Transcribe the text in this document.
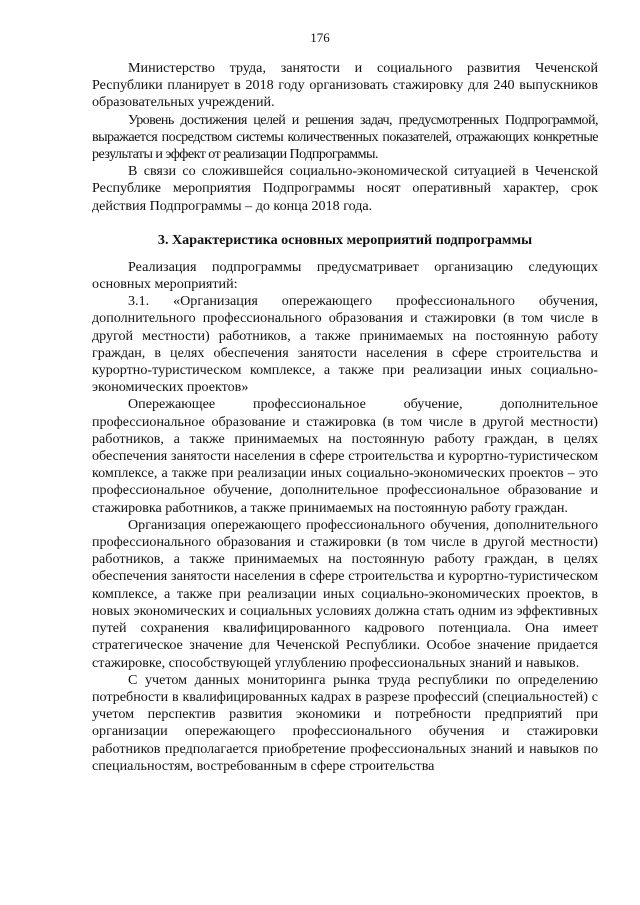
176

Министерство труда, занятости и социального развития Чеченской Республики планирует в 2018 году организовать стажировку для 240 выпускников образовательных учреждений.

Уровень достижения целей и решения задач, предусмотренных Подпрограммой, выражается посредством системы количественных показателей, отражающих конкретные результаты и эффект от реализации Подпрограммы.

В связи со сложившейся социально-экономической ситуацией в Чеченской Республике мероприятия Подпрограммы носят оперативный характер, срок действия Подпрограммы – до конца 2018 года.

3. Характеристика основных мероприятий подпрограммы

Реализация подпрограммы предусматривает организацию следующих основных мероприятий:

3.1. «Организация опережающего профессионального обучения, дополнительного профессионального образования и стажировки (в том числе в другой местности) работников, а также принимаемых на постоянную работу граждан, в целях обеспечения занятости населения в сфере строительства и курортно-туристическом комплексе, а также при реализации иных социально-экономических проектов»

Опережающее профессиональное обучение, дополнительное профессиональное образование и стажировка (в том числе в другой местности) работников, а также принимаемых на постоянную работу граждан, в целях обеспечения занятости населения в сфере строительства и курортно-туристическом комплексе, а также при реализации иных социально-экономических проектов – это профессиональное обучение, дополнительное профессиональное образование и стажировка работников, а также принимаемых на постоянную работу граждан.

Организация опережающего профессионального обучения, дополнительного профессионального образования и стажировки (в том числе в другой местности) работников, а также принимаемых на постоянную работу граждан, в целях обеспечения занятости населения в сфере строительства и курортно-туристическом комплексе, а также при реализации иных социально-экономических проектов, в новых экономических и социальных условиях должна стать одним из эффективных путей сохранения квалифицированного кадрового потенциала. Она имеет стратегическое значение для Чеченской Республики. Особое значение придается стажировке, способствующей углублению профессиональных знаний и навыков.

С учетом данных мониторинга рынка труда республики по определению потребности в квалифицированных кадрах в разрезе профессий (специальностей) с учетом перспектив развития экономики и потребности предприятий при организации опережающего профессионального обучения и стажировки работников предполагается приобретение профессиональных знаний и навыков по специальностям, востребованным в сфере строительства
